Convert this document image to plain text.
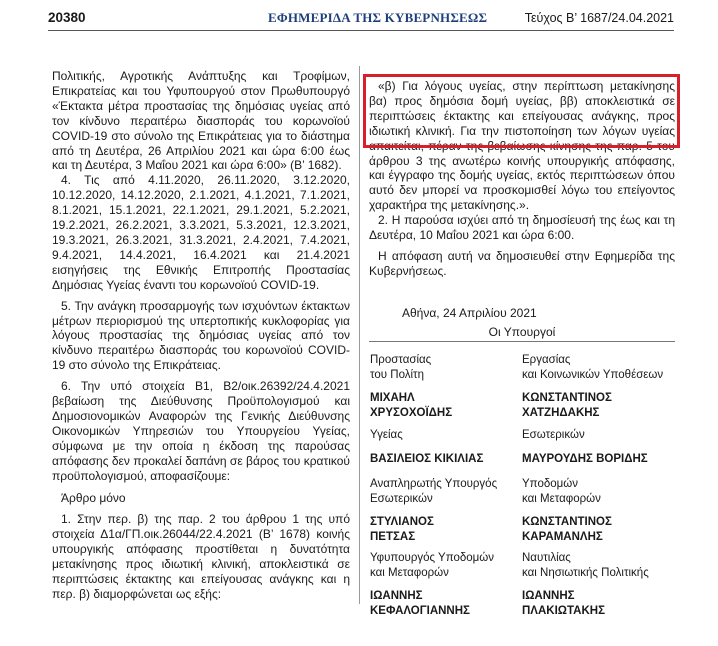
20380	ΕΦΗΜΕΡΙΔΑ ΤΗΣ ΚΥΒΕΡΝΗΣΕΩΣ	Τεύχος B’ 1687/24.04.2021

Πολιτικής, Αγροτικής Ανάπτυξης και Τροφίμων, Επικρατείας και του Υφυπουργού στον Πρωθυπουργό «Έκτακτα μέτρα προστασίας της δημόσιας υγείας από τον κίνδυνο περαιτέρω διασποράς του κορωνοϊού COVID-19 στο σύνολο της Επικράτειας για το διάστημα από τη Δευτέρα, 26 Απριλίου 2021 και ώρα 6:00 έως και τη Δευτέρα, 3 Μαΐου 2021 και ώρα 6:00» (Β’ 1682).

4. Τις από 4.11.2020, 26.11.2020, 3.12.2020, 10.12.2020, 14.12.2020, 2.1.2021, 4.1.2021, 7.1.2021, 8.1.2021, 15.1.2021, 22.1.2021, 29.1.2021, 5.2.2021, 19.2.2021, 26.2.2021, 3.3.2021, 5.3.2021, 12.3.2021, 19.3.2021, 26.3.2021, 31.3.2021, 2.4.2021, 7.4.2021, 9.4.2021, 14.4.2021, 16.4.2021 και 21.4.2021 εισηγήσεις της Εθνικής Επιτροπής Προστασίας Δημόσιας Υγείας έναντι του κορωνοϊού COVID-19.

5. Την ανάγκη προσαρμογής των ισχυόντων έκτακτων μέτρων περιορισμού της υπερτοπικής κυκλοφορίας για λόγους προστασίας της δημόσιας υγείας από τον κίνδυνο περαιτέρω διασποράς του κορωνοϊού COVID-19 στο σύνολο της Επικράτειας.

6. Την υπό στοιχεία Β1, Β2/οικ.26392/24.4.2021 βεβαίωση της Διεύθυνσης Προϋπολογισμού και Δημοσιονομικών Αναφορών της Γενικής Διεύθυνσης Οικονομικών Υπηρεσιών του Υπουργείου Υγείας, σύμφωνα με την οποία η έκδοση της παρούσας απόφασης δεν προκαλεί δαπάνη σε βάρος του κρατικού προϋπολογισμού, αποφασίζουμε:

Άρθρο μόνο

1. Στην περ. β) της παρ. 2 του άρθρου 1 της υπό στοιχεία Δ1α/ΓΠ.οικ.26044/22.4.2021 (Β’ 1678) κοινής υπουργικής απόφασης προστίθεται η δυνατότητα μετακίνησης προς ιδιωτική κλινική, αποκλειστικά σε περιπτώσεις έκτακτης και επείγουσας ανάγκης και η περ. β) διαμορφώνεται ως εξής:

«β) Για λόγους υγείας, στην περίπτωση μετακίνησης βα) προς δημόσια δομή υγείας, ββ) αποκλειστικά σε περιπτώσεις έκτακτης και επείγουσας ανάγκης, προς ιδιωτική κλινική. Για την πιστοποίηση των λόγων υγείας απαιτείται, πέραν της βεβαίωσης κίνησης της παρ. 5 του άρθρου 3 της ανωτέρω κοινής υπουργικής απόφασης, και έγγραφο της δομής υγείας, εκτός περιπτώσεων όπου αυτό δεν μπορεί να προσκομισθεί λόγω του επείγοντος χαρακτήρα της μετακίνησης.».

2. Η παρούσα ισχύει από τη δημοσίευσή της έως και τη Δευτέρα, 10 Μαΐου 2021 και ώρα 6:00.

Η απόφαση αυτή να δημοσιευθεί στην Εφημερίδα της Κυβερνήσεως.

Αθήνα, 24 Απριλίου 2021
Οι Υπουργοί
Προστασίας
του Πολίτη
ΜΙΧΑΗΛ
ΧΡΥΣΟΧΟΪΔΗΣ
Εργασίας
και Κοινωνικών Υποθέσεων
ΚΩΝΣΤΑΝΤΙΝΟΣ
ΧΑΤΖΗΔΑΚΗΣ
Υγείας
ΒΑΣΙΛΕΙΟΣ ΚΙΚΙΛΙΑΣ
Εσωτερικών
ΜΑΥΡΟΥΔΗΣ ΒΟΡΙΔΗΣ
Αναπληρωτής Υπουργός
Εσωτερικών
ΣΤΥΛΙΑΝΟΣ
ΠΕΤΣΑΣ
Υποδομών
και Μεταφορών
ΚΩΝΣΤΑΝΤΙΝΟΣ
ΚΑΡΑΜΑΝΛΗΣ
Υφυπουργός Υποδομών
και Μεταφορών
ΙΩΑΝΝΗΣ
ΚΕΦΑΛΟΓΙΑΝΝΗΣ
Ναυτιλίας
και Νησιωτικής Πολιτικής
ΙΩΑΝΝΗΣ
ΠΛΑΚΙΩΤΑΚΗΣ
